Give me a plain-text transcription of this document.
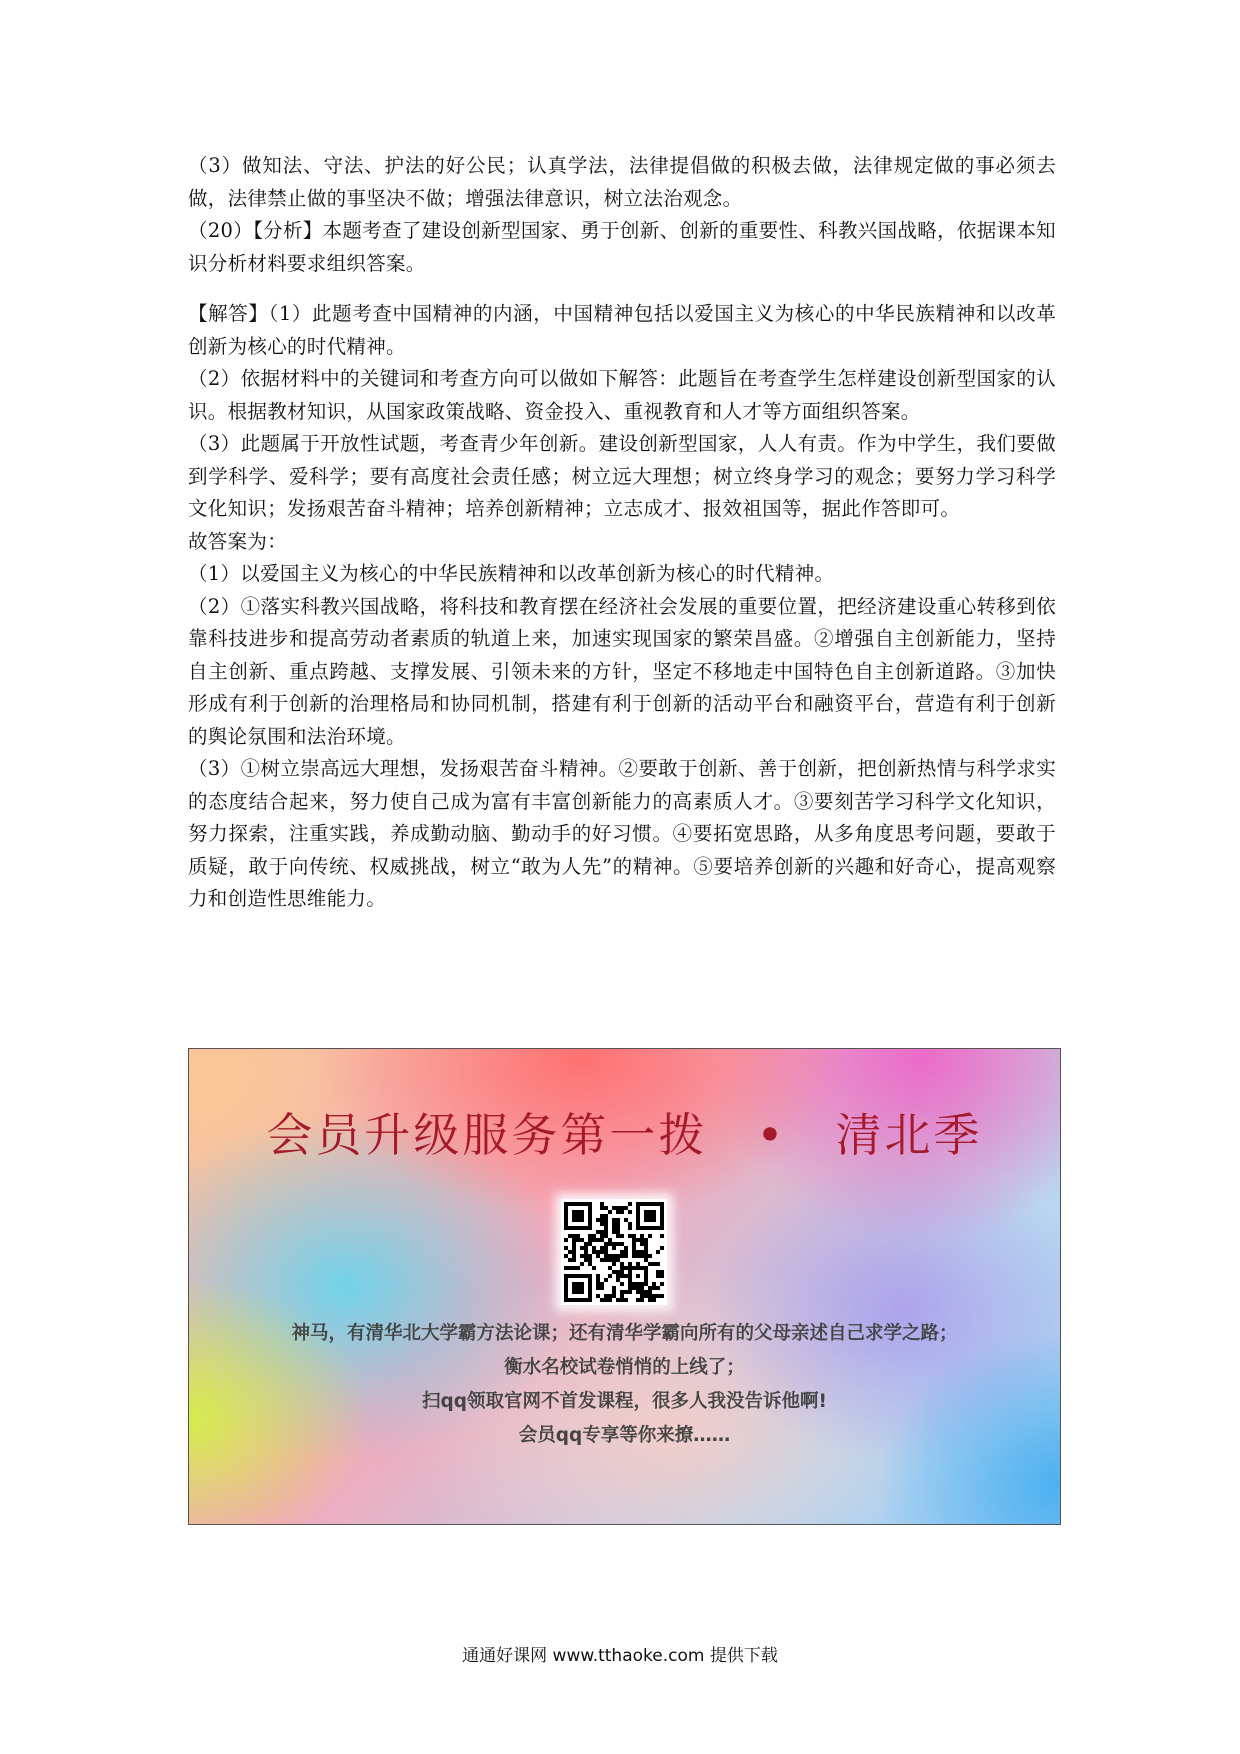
（3）做知法、守法、护法的好公民；认真学法，法律提倡做的积极去做，法律规定做的事必须去做，法律禁止做的事坚决不做；增强法律意识，树立法治观念。

（20）【分析】本题考查了建设创新型国家、勇于创新、创新的重要性、科教兴国战略，依据课本知识分析材料要求组织答案。

【解答】（1）此题考查中国精神的内涵，中国精神包括以爱国主义为核心的中华民族精神和以改革创新为核心的时代精神。

（2）依据材料中的关键词和考查方向可以做如下解答：此题旨在考查学生怎样建设创新型国家的认识。根据教材知识，从国家政策战略、资金投入、重视教育和人才等方面组织答案。

（3）此题属于开放性试题，考查青少年创新。建设创新型国家，人人有责。作为中学生，我们要做到学科学、爱科学；要有高度社会责任感；树立远大理想；树立终身学习的观念；要努力学习科学文化知识；发扬艰苦奋斗精神；培养创新精神；立志成才、报效祖国等，据此作答即可。

故答案为：

（1）以爱国主义为核心的中华民族精神和以改革创新为核心的时代精神。

（2）①落实科教兴国战略，将科技和教育摆在经济社会发展的重要位置，把经济建设重心转移到依靠科技进步和提高劳动者素质的轨道上来，加速实现国家的繁荣昌盛。②增强自主创新能力，坚持自主创新、重点跨越、支撑发展、引领未来的方针，坚定不移地走中国特色自主创新道路。③加快形成有利于创新的治理格局和协同机制，搭建有利于创新的活动平台和融资平台，营造有利于创新的舆论氛围和法治环境。

（3）①树立崇高远大理想，发扬艰苦奋斗精神。②要敢于创新、善于创新，把创新热情与科学求实的态度结合起来，努力使自己成为富有丰富创新能力的高素质人才。③要刻苦学习科学文化知识，努力探索，注重实践，养成勤动脑、勤动手的好习惯。④要拓宽思路，从多角度思考问题，要敢于质疑，敢于向传统、权威挑战，树立“敢为人先”的精神。⑤要培养创新的兴趣和好奇心，提高观察力和创造性思维能力。

会员升级服务第一拨　•　清北季
神马，有清华北大学霸方法论课；还有清华学霸向所有的父母亲述自己求学之路；
衡水名校试卷悄悄的上线了；
扫qq领取官网不首发课程，很多人我没告诉他啊!
会员qq专享等你来撩……
通通好课网 www.tthaoke.com 提供下载
